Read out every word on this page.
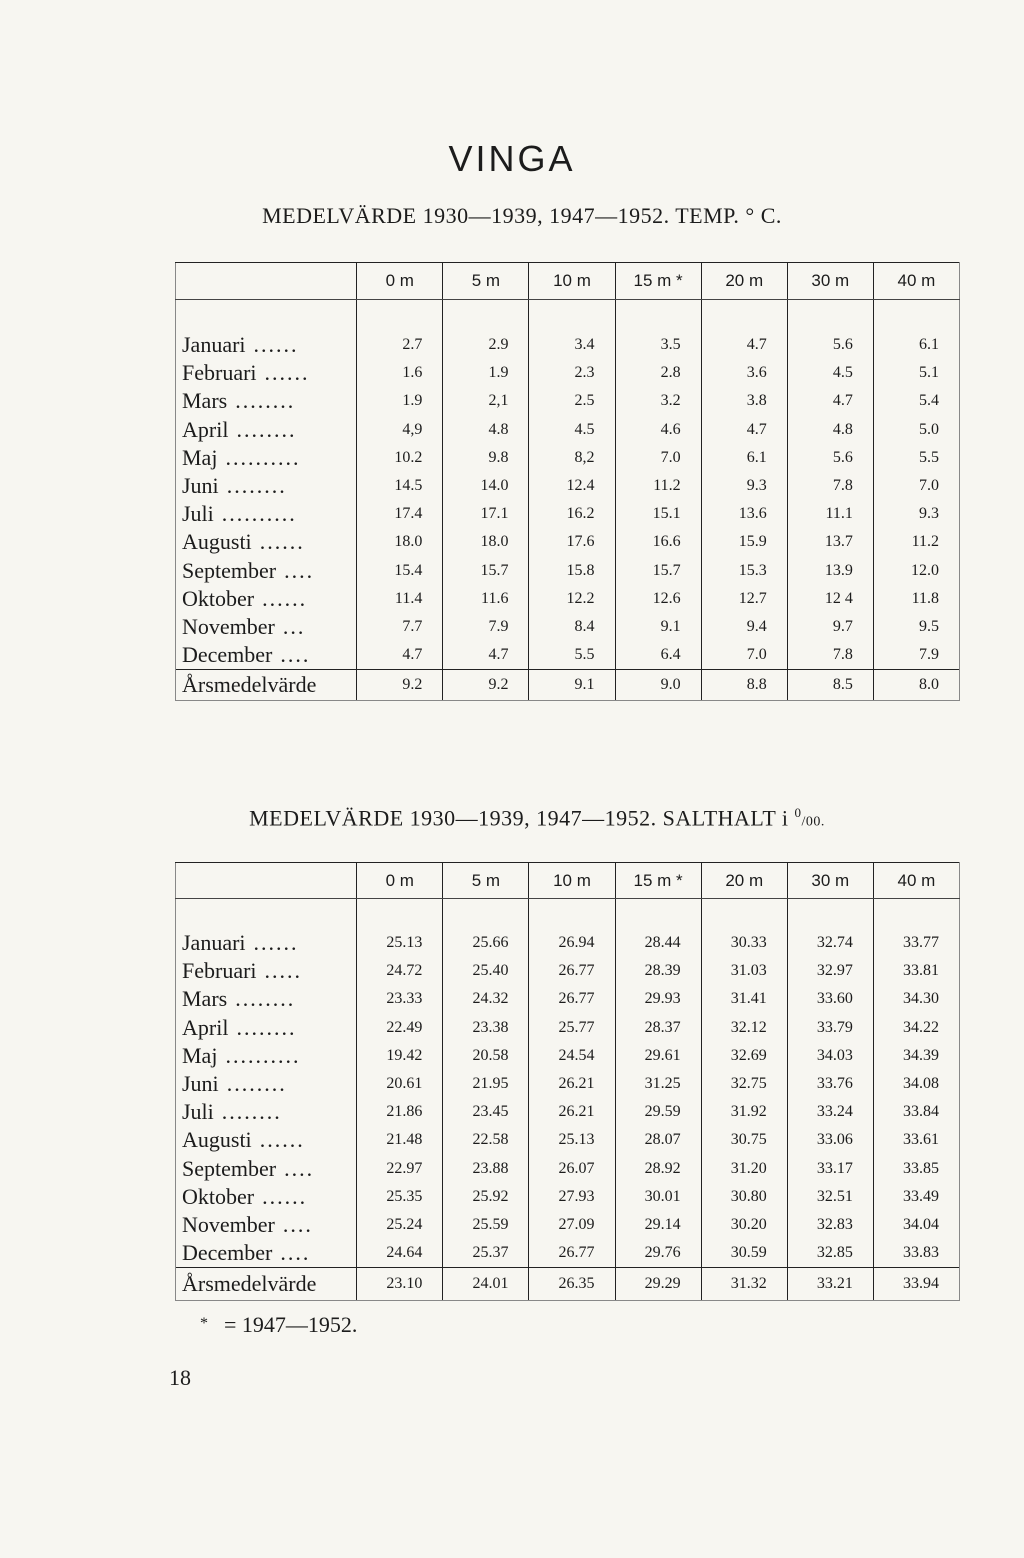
VINGA
MEDELVÄRDE 1930—1939, 1947—1952. TEMP. ° C.
	0 m	5 m	10 m	15 m *	20 m	30 m	40 m

Januari ......	2.7	2.9	3.4	3.5	4.7	5.6	6.1
Februari ......	1.6	1.9	2.3	2.8	3.6	4.5	5.1
Mars ........	1.9	2,1	2.5	3.2	3.8	4.7	5.4
April ........	4,9	4.8	4.5	4.6	4.7	4.8	5.0
Maj ..........	10.2	9.8	8,2	7.0	6.1	5.6	5.5
Juni ........	14.5	14.0	12.4	11.2	9.3	7.8	7.0
Juli ..........	17.4	17.1	16.2	15.1	13.6	11.1	9.3
Augusti ......	18.0	18.0	17.6	16.6	15.9	13.7	11.2
September ....	15.4	15.7	15.8	15.7	15.3	13.9	12.0
Oktober ......	11.4	11.6	12.2	12.6	12.7	12 4	11.8
November ...	7.7	7.9	8.4	9.1	9.4	9.7	9.5
December ....	4.7	4.7	5.5	6.4	7.0	7.8	7.9
Årsmedelvärde	9.2	9.2	9.1	9.0	8.8	8.5	8.0
MEDELVÄRDE 1930—1939, 1947—1952. SALTHALT i $^0$/00.
	0 m	5 m	10 m	15 m *	20 m	30 m	40 m

Januari ......	25.13	25.66	26.94	28.44	30.33	32.74	33.77
Februari .....	24.72	25.40	26.77	28.39	31.03	32.97	33.81
Mars ........	23.33	24.32	26.77	29.93	31.41	33.60	34.30
April ........	22.49	23.38	25.77	28.37	32.12	33.79	34.22
Maj ..........	19.42	20.58	24.54	29.61	32.69	34.03	34.39
Juni ........	20.61	21.95	26.21	31.25	32.75	33.76	34.08
Juli ........	21.86	23.45	26.21	29.59	31.92	33.24	33.84
Augusti ......	21.48	22.58	25.13	28.07	30.75	33.06	33.61
September ....	22.97	23.88	26.07	28.92	31.20	33.17	33.85
Oktober ......	25.35	25.92	27.93	30.01	30.80	32.51	33.49
November ....	25.24	25.59	27.09	29.14	30.20	32.83	34.04
December ....	24.64	25.37	26.77	29.76	30.59	32.85	33.83
Årsmedelvärde	23.10	24.01	26.35	29.29	31.32	33.21	33.94
* = 1947—1952.
18
